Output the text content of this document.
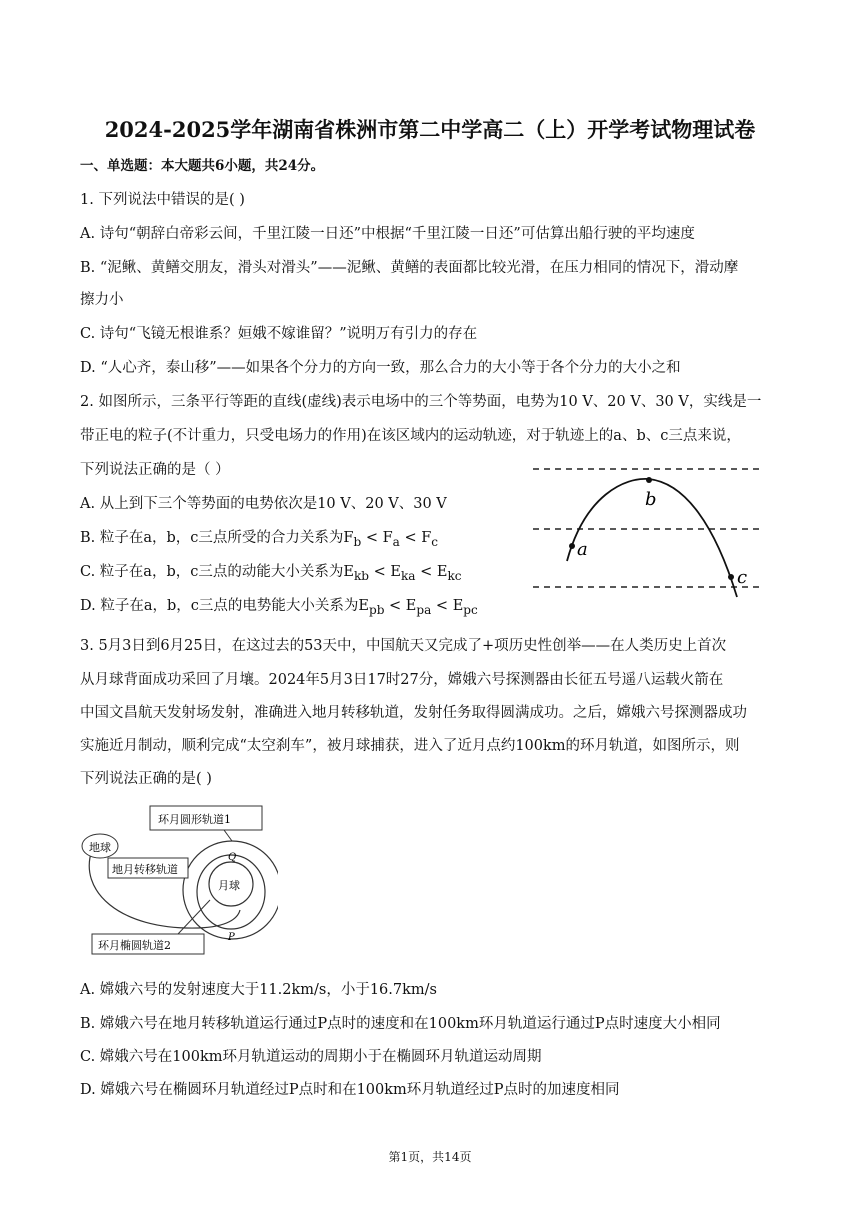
2024-2025学年湖南省株洲市第二中学高二（上）开学考试物理试卷
一、单选题：本大题共6小题，共24分。
1. 下列说法中错误的是( )
A. 诗句“朝辞白帝彩云间，千里江陵一日还”中根据“千里江陵一日还”可估算出船行驶的平均速度
B. “泥鳅、黄鳝交朋友，滑头对滑头”——泥鳅、黄鳝的表面都比较光滑，在压力相同的情况下，滑动摩
擦力小
C. 诗句“飞镜无根谁系？姮娥不嫁谁留？”说明万有引力的存在
D. “人心齐，泰山移”——如果各个分力的方向一致，那么合力的大小等于各个分力的大小之和
2. 如图所示，三条平行等距的直线(虚线)表示电场中的三个等势面，电势为10 V、20 V、30 V，实线是一
带正电的粒子(不计重力，只受电场力的作用)在该区域内的运动轨迹，对于轨迹上的a、b、c三点来说，
下列说法正确的是（ ）
A. 从上到下三个等势面的电势依次是10 V、20 V、30 V
B. 粒子在a，b，c三点所受的合力关系为$F_b < F_a < F_c$
C. 粒子在a，b，c三点的动能大小关系为$E_{kb} < E_{ka} < E_{kc}$
D. 粒子在a，b，c三点的电势能大小关系为$E_{pb} < E_{pa} < E_{pc}$
a
b
c
3. 5月3日到6月25日，在这过去的53天中，中国航天又完成了+项历史性创举——在人类历史上首次
从月球背面成功采回了月壤。2024年5月3日17时27分，嫦娥六号探测器由长征五号遥八运载火箭在
中国文昌航天发射场发射，准确进入地月转移轨道，发射任务取得圆满成功。之后，嫦娥六号探测器成功
实施近月制动，顺利完成“太空刹车”，被月球捕获，进入了近月点约100km的环月轨道，如图所示，则
下列说法正确的是( )
地球
环月圆形轨道1
地月转移轨道
月球
Q
P
环月椭圆轨道2
A. 嫦娥六号的发射速度大于11.2km/s，小于16.7km/s
B. 嫦娥六号在地月转移轨道运行通过P点时的速度和在100km环月轨道运行通过P点时速度大小相同
C. 嫦娥六号在100km环月轨道运动的周期小于在椭圆环月轨道运动周期
D. 嫦娥六号在椭圆环月轨道经过P点时和在100km环月轨道经过P点时的加速度相同
第1页，共14页
